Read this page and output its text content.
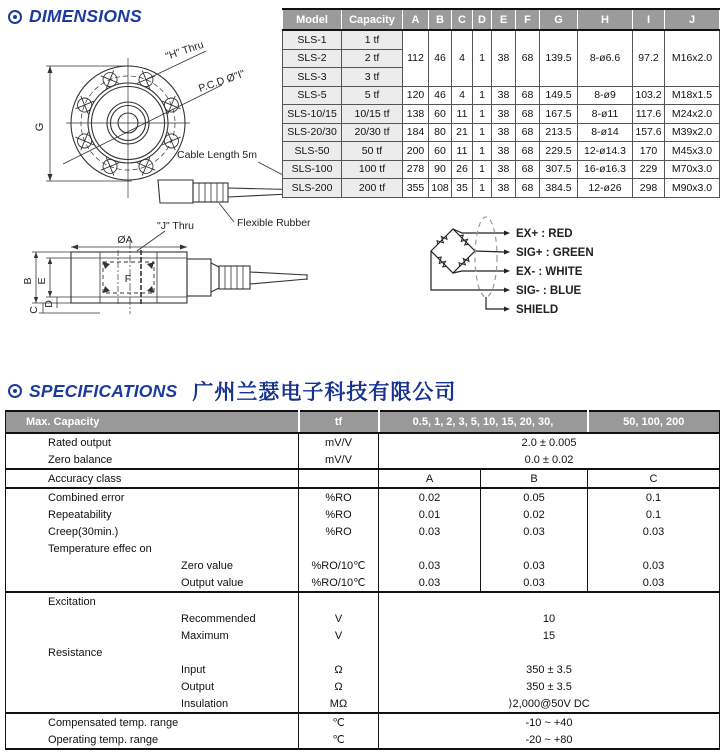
DIMENSIONS
"H" Thru
P.C.D Ø"I"
G
Cable Length 5m
Flexible Rubber
"J" Thru
ØA
B E
C
D
F
Model	Capacity	A	B	C	D	E	F	G	H	I	J
SLS-1	1 tf	112	46	4	1	38	68	139.5	8-ø6.6	97.2	M16x2.0
SLS-2	2 tf										
SLS-3	3 tf										
SLS-5	5 tf	120	46	4	1	38	68	149.5	8-ø9	103.2	M18x1.5
SLS-10/15	10/15 tf	138	60	11	1	38	68	167.5	8-ø11	117.6	M24x2.0
SLS-20/30	20/30 tf	184	80	21	1	38	68	213.5	8-ø14	157.6	M39x2.0
SLS-50	50 tf	200	60	11	1	38	68	229.5	12-ø14.3	170	M45x3.0
SLS-100	100 tf	278	90	26	1	38	68	307.5	16-ø16.3	229	M70x3.0
SLS-200	200 tf	355	108	35	1	38	68	384.5	12-ø26	298	M90x3.0
EX+ : RED
SIG+ : GREEN
EX- : WHITE
SIG- : BLUE
SHIELD
SPECIFICATIONS 广州兰瑟电子科技有限公司
Max. Capacity	tf	0.5, 1, 2, 3, 5, 10, 15, 20, 30,		50, 100, 200
Rated output	mV/V	2.0 ± 0.005		
Zero balance	mV/V	0.0 ± 0.02		
Accuracy class		A	B	C
Combined error	%RO	0.02	0.05	0.1
Repeatability	%RO	0.01	0.02	0.1
Creep(30min.)	%RO	0.03	0.03	0.03
Temperature effec on				
Zero value	%RO/10℃	0.03	0.03	0.03
Output value	%RO/10℃	0.03	0.03	0.03
Excitation				
Recommended	V	10		
Maximum	V	15		
Resistance				
Input	Ω	350 ± 3.5		
Output	Ω	350 ± 3.5		
Insulation	MΩ	⟩2,000@50V DC		
Compensated temp. range	℃	-10 ~ +40		
Operating temp. range	℃	-20 ~ +80		
